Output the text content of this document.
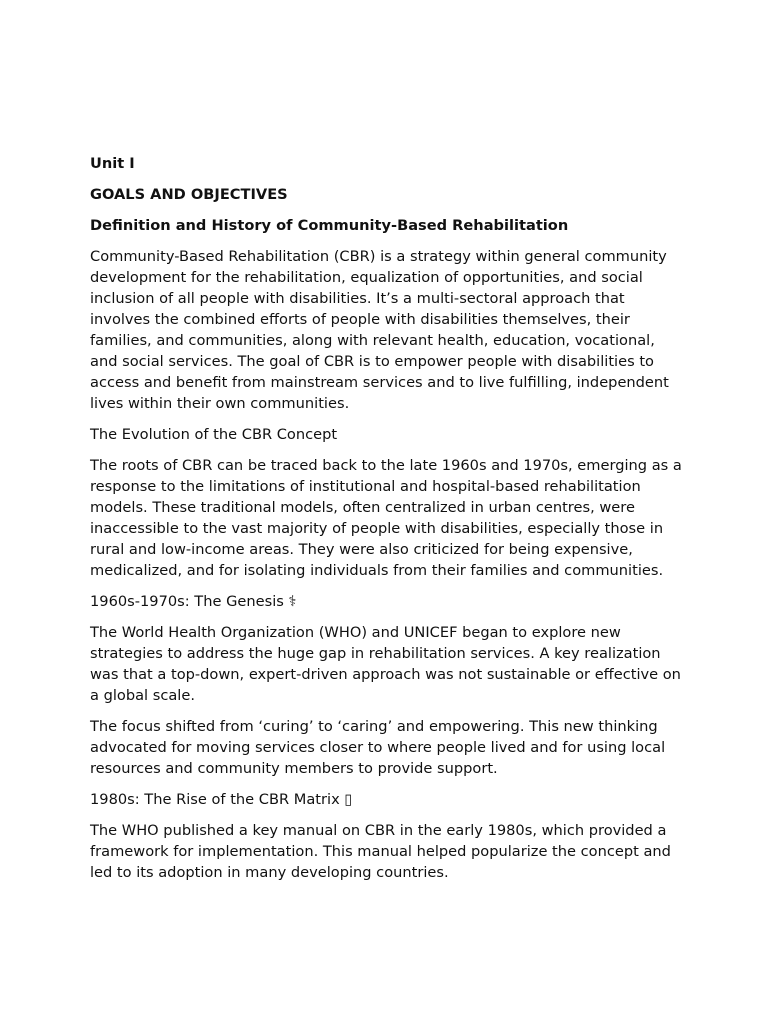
Unit I

GOALS AND OBJECTIVES

Definition and History of Community-Based Rehabilitation

Community-Based Rehabilitation (CBR) is a strategy within general community development for the rehabilitation, equalization of opportunities, and social inclusion of all people with disabilities. It’s a multi-sectoral approach that involves the combined efforts of people with disabilities themselves, their families, and communities, along with relevant health, education, vocational, and social services. The goal of CBR is to empower people with disabilities to access and benefit from mainstream services and to live fulfilling, independent lives within their own communities.

The Evolution of the CBR Concept

The roots of CBR can be traced back to the late 1960s and 1970s, emerging as a response to the limitations of institutional and hospital-based rehabilitation models. These traditional models, often centralized in urban centres, were inaccessible to the vast majority of people with disabilities, especially those in rural and low-income areas. They were also criticized for being expensive, medicalized, and for isolating individuals from their families and communities.

1960s-1970s: The Genesis ⚕

The World Health Organization (WHO) and UNICEF began to explore new strategies to address the huge gap in rehabilitation services. A key realization was that a top-down, expert-driven approach was not sustainable or effective on a global scale.

The focus shifted from ‘curing’ to ‘caring’ and empowering. This new thinking advocated for moving services closer to where people lived and for using local resources and community members to provide support.

1980s: The Rise of the CBR Matrix ▯

The WHO published a key manual on CBR in the early 1980s, which provided a framework for implementation. This manual helped popularize the concept and led to its adoption in many developing countries.
